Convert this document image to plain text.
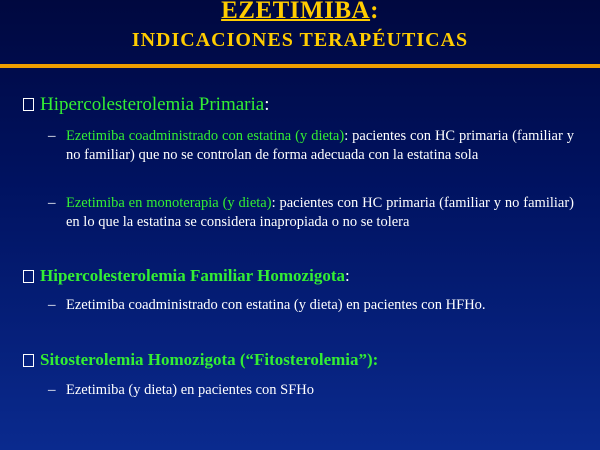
EZETIMIBA:
INDICACIONES TERAPÉUTICAS
Hipercolesterolemia Primaria:
– Ezetimiba coadministrado con estatina (y dieta): pacientes con HC primaria (familiar y no familiar) que no se controlan de forma adecuada con la estatina sola
– Ezetimiba en monoterapia (y dieta): pacientes con HC primaria (familiar y no familiar) en lo que la estatina se considera inapropiada o no se tolera
Hipercolesterolemia Familiar Homozigota:
– Ezetimiba coadministrado con estatina (y dieta) en pacientes con HFHo.
Sitosterolemia Homozigota (“Fitosterolemia”):
– Ezetimiba (y dieta) en pacientes con SFHo
